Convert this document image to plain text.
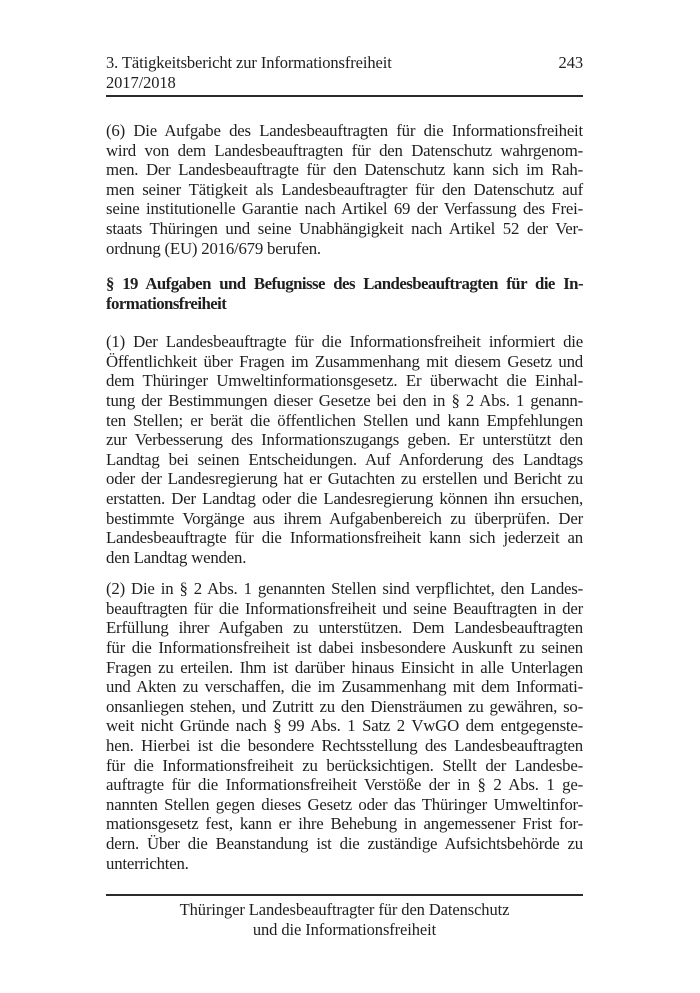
3. Tätigkeitsbericht zur Informationsfreiheit	243
2017/2018
(6) Die Aufgabe des Landesbeauftragten für die Informationsfreiheit
wird von dem Landesbeauftragten für den Datenschutz wahrgenom-
men. Der Landesbeauftragte für den Datenschutz kann sich im Rah-
men seiner Tätigkeit als Landesbeauftragter für den Datenschutz auf
seine institutionelle Garantie nach Artikel 69 der Verfassung des Frei-
staats Thüringen und seine Unabhängigkeit nach Artikel 52 der Ver-
ordnung (EU) 2016/679 berufen.
§ 19 Aufgaben und Befugnisse des Landesbeauftragten für die In-
formationsfreiheit
(1) Der Landesbeauftragte für die Informationsfreiheit informiert die
Öffentlichkeit über Fragen im Zusammenhang mit diesem Gesetz und
dem Thüringer Umweltinformationsgesetz. Er überwacht die Einhal-
tung der Bestimmungen dieser Gesetze bei den in § 2 Abs. 1 genann-
ten Stellen; er berät die öffentlichen Stellen und kann Empfehlungen
zur Verbesserung des Informationszugangs geben. Er unterstützt den
Landtag bei seinen Entscheidungen. Auf Anforderung des Landtags
oder der Landesregierung hat er Gutachten zu erstellen und Bericht zu
erstatten. Der Landtag oder die Landesregierung können ihn ersuchen,
bestimmte Vorgänge aus ihrem Aufgabenbereich zu überprüfen. Der
Landesbeauftragte für die Informationsfreiheit kann sich jederzeit an
den Landtag wenden.
(2) Die in § 2 Abs. 1 genannten Stellen sind verpflichtet, den Landes-
beauftragten für die Informationsfreiheit und seine Beauftragten in der
Erfüllung ihrer Aufgaben zu unterstützen. Dem Landesbeauftragten
für die Informationsfreiheit ist dabei insbesondere Auskunft zu seinen
Fragen zu erteilen. Ihm ist darüber hinaus Einsicht in alle Unterlagen
und Akten zu verschaffen, die im Zusammenhang mit dem Informati-
onsanliegen stehen, und Zutritt zu den Diensträumen zu gewähren, so-
weit nicht Gründe nach § 99 Abs. 1 Satz 2 VwGO dem entgegenste-
hen. Hierbei ist die besondere Rechtsstellung des Landesbeauftragten
für die Informationsfreiheit zu berücksichtigen. Stellt der Landesbe-
auftragte für die Informationsfreiheit Verstöße der in § 2 Abs. 1 ge-
nannten Stellen gegen dieses Gesetz oder das Thüringer Umweltinfor-
mationsgesetz fest, kann er ihre Behebung in angemessener Frist for-
dern. Über die Beanstandung ist die zuständige Aufsichtsbehörde zu
unterrichten.
Thüringer Landesbeauftragter für den Datenschutz
und die Informationsfreiheit
